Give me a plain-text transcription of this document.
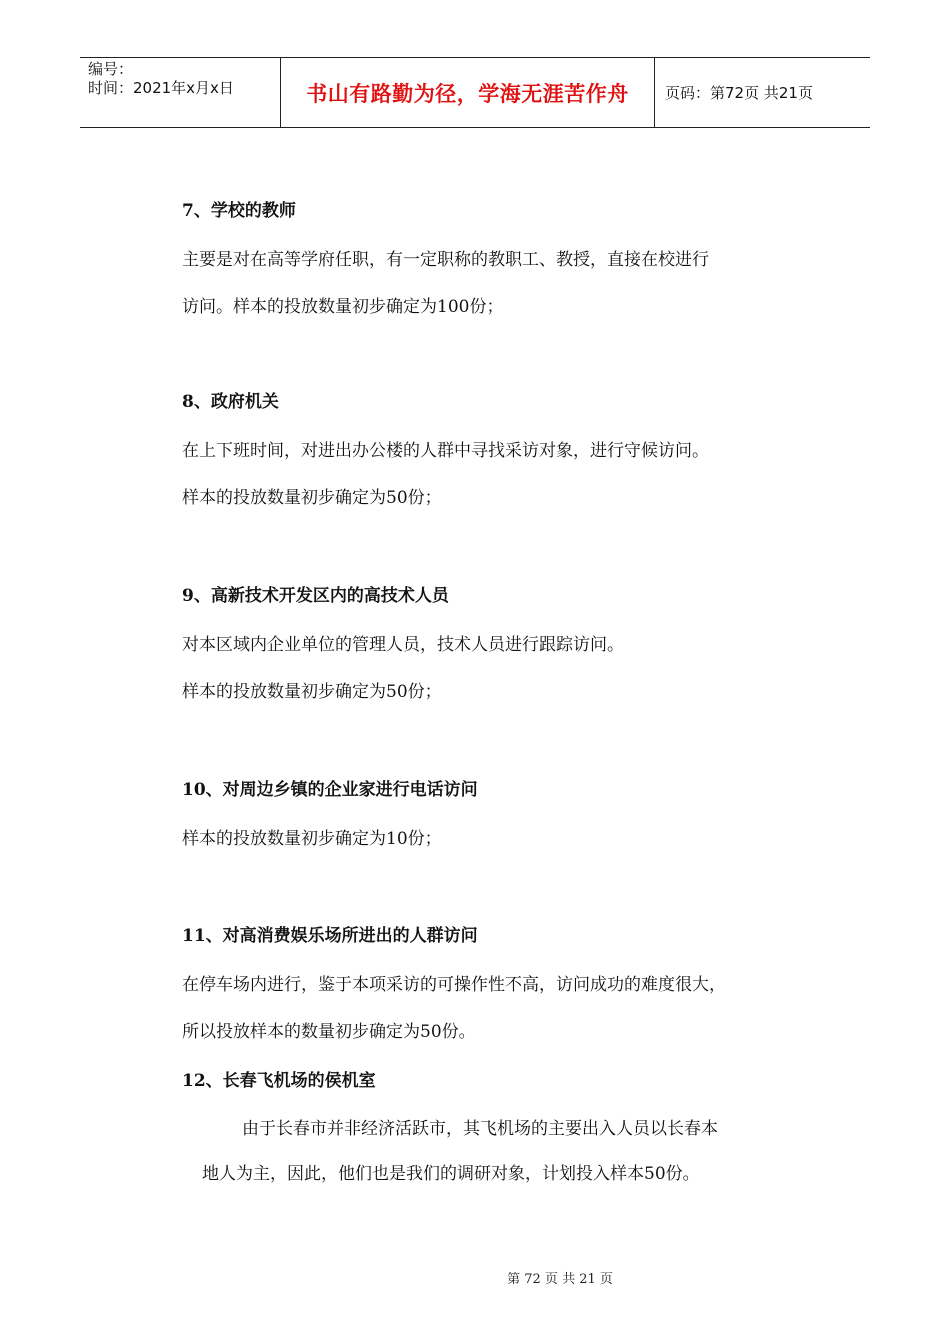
编号：
时间：2021年x月x日	书山有路勤为径，学海无涯苦作舟	页码：第72页 共21页
7、学校的教师
主要是对在高等学府任职，有一定职称的教职工、教授，直接在校进行
访问。样本的投放数量初步确定为100份；
8、政府机关
在上下班时间，对进出办公楼的人群中寻找采访对象，进行守候访问。
样本的投放数量初步确定为50份；
9、高新技术开发区内的高技术人员
对本区域内企业单位的管理人员，技术人员进行跟踪访问。
样本的投放数量初步确定为50份；
10、对周边乡镇的企业家进行电话访问
样本的投放数量初步确定为10份；
11、对高消费娱乐场所进出的人群访问
在停车场内进行，鉴于本项采访的可操作性不高，访问成功的难度很大，
所以投放样本的数量初步确定为50份。
12、长春飞机场的侯机室
由于长春市并非经济活跃市，其飞机场的主要出入人员以长春本
地人为主，因此，他们也是我们的调研对象，计划投入样本50份。
第 72 页 共 21 页
